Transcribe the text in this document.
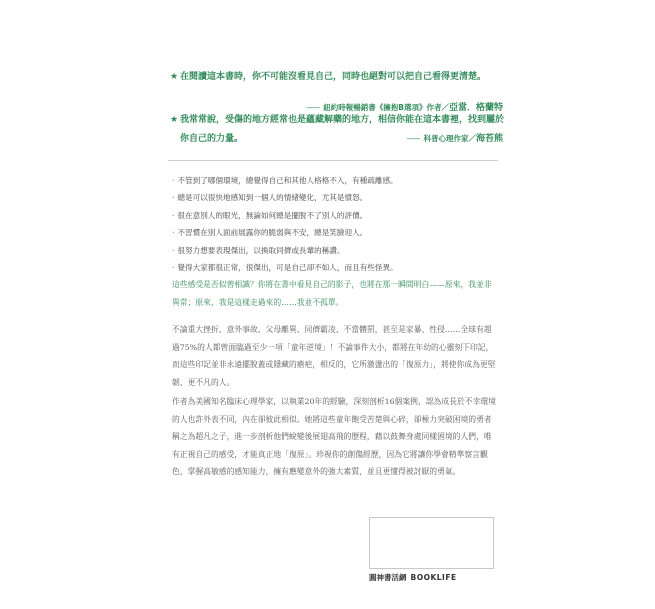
★ 在閱讀這本書時，你不可能沒看見自己，同時也絕對可以把自己看得更清楚。
—— 紐約時報暢銷書《擁抱B選項》作者／亞當．格蘭特
★ 我常常說，受傷的地方經常也是蘊藏解藥的地方，相信你能在這本書裡，找到屬於你自己的力量。	—— 科普心理作家／海苔熊
‧ 不管到了哪個環境，總覺得自己和其他人格格不入，有種疏離感。
‧ 總是可以很快地感知到一個人的情緒變化，尤其是憤怒。
‧ 很在意別人的眼光，無論如何總是擺脫不了別人的評價。
‧ 不習慣在別人面前展露你的脆弱與不安，總是笑臉迎人。
‧ 很努力想要表現傑出，以換取同儕或長輩的稱讚。
‧ 覺得大家都很正常，很傑出，可是自己卻不如人，而且有些怪異。

這些感受是否似曾相識？你將在書中看見自己的影子，也將在那一瞬間明白——原來，我並非異常；原來，我是這樣走過來的……我並不孤單。

不論重大挫折、意外事故、父母離異、同儕霸凌、不當體罰，甚至是家暴、性侵……全球有超過75%的人都曾面臨過至少一項「童年逆境」！不論事件大小，都將在年幼的心靈刻下印記，而這些印記並非永遠擺脫蓋或隱藏的瘡疤，相反的，它所激盪出的「復原力」，將使你成為更堅韌、更不凡的人。

作者為美國知名臨床心理學家，以執業20年的經驗，深刻剖析16個案例，認為成長於不幸環境的人也許外表不同，內在卻彼此相似。她將這些童年飽受苦楚與心碎，卻極力突破困境的勇者稱之為超凡之子，進一步剖析他們蛻變後展翅高飛的歷程，藉以鼓舞身處同樣困境的人們，唯有正視自己的感受，才能真正地「復原」。珍視你的創傷經歷，因為它將讓你學會精準察言觀色，掌握高敏感的感知能力，擁有應變意外的強大素質，並且更懂得被討厭的勇氣。

圓神書活網 BOOKLIFE
